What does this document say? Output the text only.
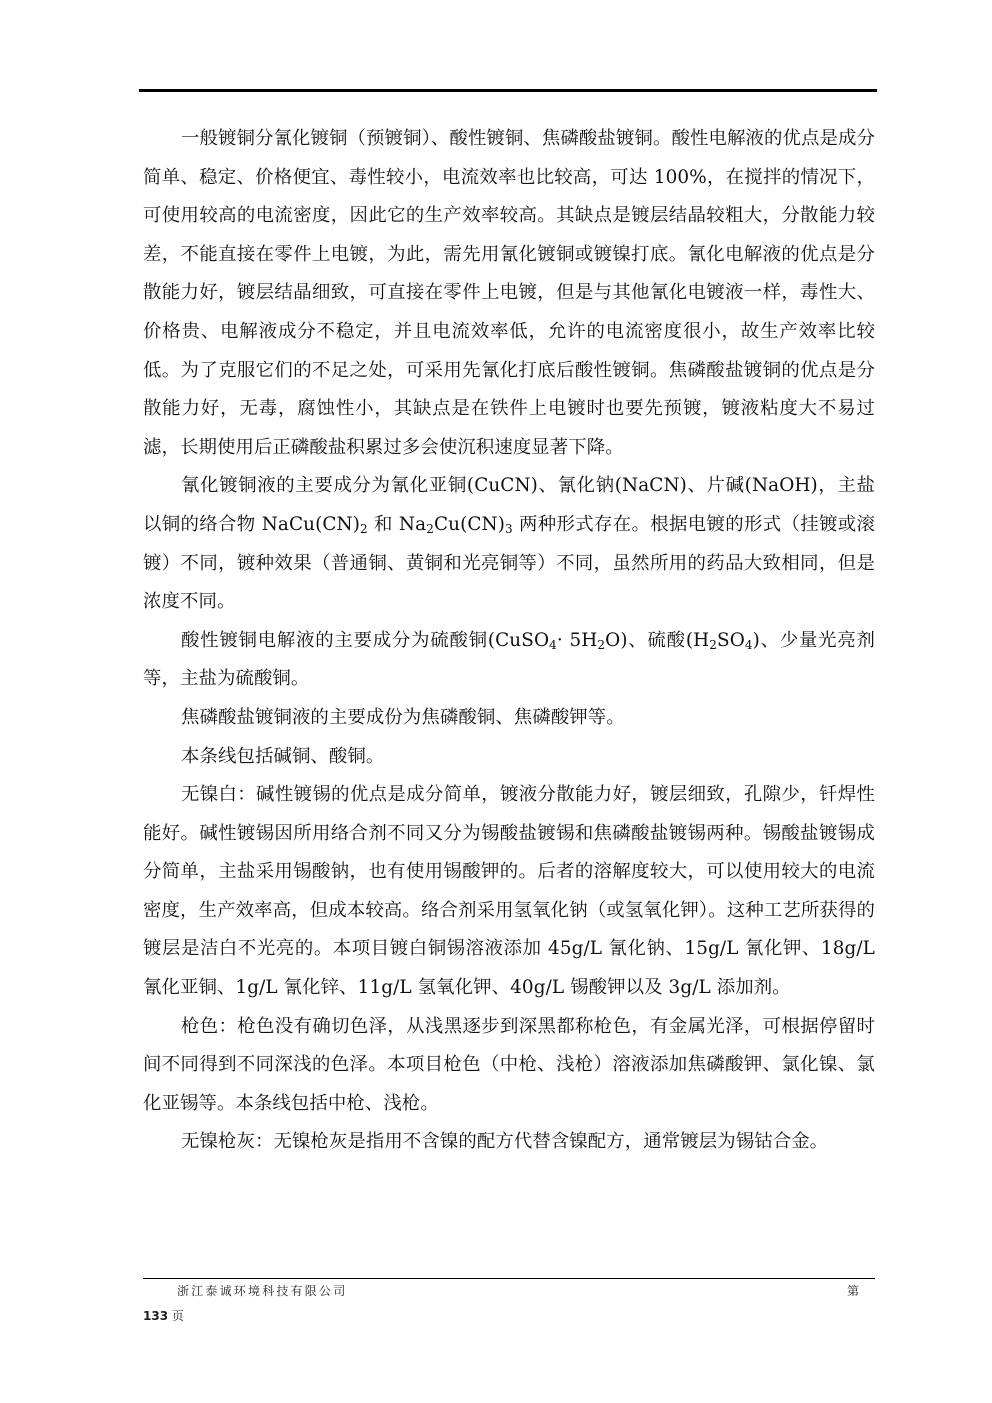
一般镀铜分氰化镀铜（预镀铜）、酸性镀铜、焦磷酸盐镀铜。酸性电解液的优点是成分简单、稳定、价格便宜、毒性较小，电流效率也比较高，可达 100%，在搅拌的情况下，可使用较高的电流密度，因此它的生产效率较高。其缺点是镀层结晶较粗大，分散能力较差，不能直接在零件上电镀，为此，需先用氰化镀铜或镀镍打底。氰化电解液的优点是分散能力好，镀层结晶细致，可直接在零件上电镀，但是与其他氰化电镀液一样，毒性大、价格贵、电解液成分不稳定，并且电流效率低，允许的电流密度很小，故生产效率比较低。为了克服它们的不足之处，可采用先氰化打底后酸性镀铜。焦磷酸盐镀铜的优点是分散能力好，无毒，腐蚀性小，其缺点是在铁件上电镀时也要先预镀，镀液粘度大不易过滤，长期使用后正磷酸盐积累过多会使沉积速度显著下降。

氰化镀铜液的主要成分为氰化亚铜(CuCN)、氰化钠(NaCN)、片碱(NaOH)，主盐以铜的络合物 $NaCu(CN)_2$ 和 $Na_2Cu(CN)_3$ 两种形式存在。根据电镀的形式（挂镀或滚镀）不同，镀种效果（普通铜、黄铜和光亮铜等）不同，虽然所用的药品大致相同，但是浓度不同。

酸性镀铜电解液的主要成分为硫酸铜(CuSO$_4$· $5H_2O$)、硫酸$(H_2SO_4)$、少量光亮剂等，主盐为硫酸铜。

焦磷酸盐镀铜液的主要成份为焦磷酸铜、焦磷酸钾等。

本条线包括碱铜、酸铜。

无镍白：碱性镀锡的优点是成分简单，镀液分散能力好，镀层细致，孔隙少，钎焊性能好。碱性镀锡因所用络合剂不同又分为锡酸盐镀锡和焦磷酸盐镀锡两种。锡酸盐镀锡成分简单，主盐采用锡酸钠，也有使用锡酸钾的。后者的溶解度较大，可以使用较大的电流密度，生产效率高，但成本较高。络合剂采用氢氧化钠（或氢氧化钾）。这种工艺所获得的镀层是洁白不光亮的。本项目镀白铜锡溶液添加 45g/L 氰化钠、15g/L 氰化钾、18g/L 氰化亚铜、1g/L 氰化锌、11g/L 氢氧化钾、40g/L 锡酸钾以及 3g/L 添加剂。

枪色：枪色没有确切色泽，从浅黑逐步到深黑都称枪色，有金属光泽，可根据停留时间不同得到不同深浅的色泽。本项目枪色（中枪、浅枪）溶液添加焦磷酸钾、氯化镍、氯化亚锡等。本条线包括中枪、浅枪。

无镍枪灰：无镍枪灰是指用不含镍的配方代替含镍配方，通常镀层为锡钴合金。

浙江泰诚环境科技有限公司	第
133 页
